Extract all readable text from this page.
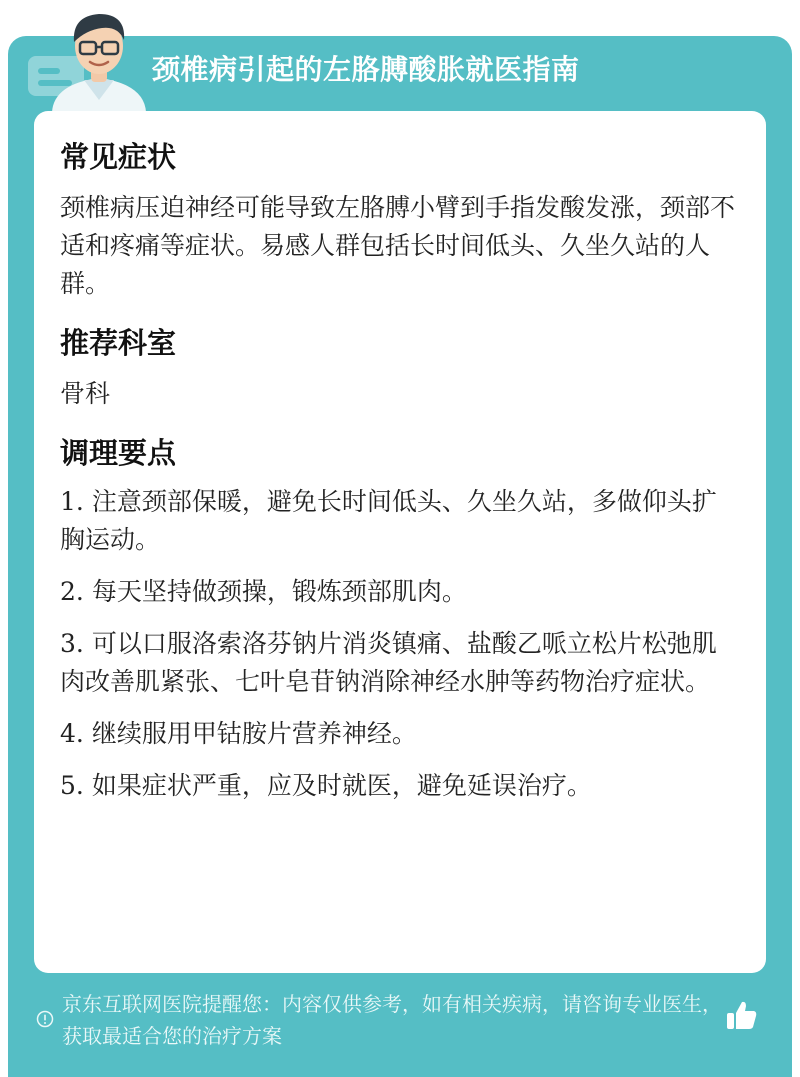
颈椎病引起的左胳膊酸胀就医指南
常见症状

颈椎病压迫神经可能导致左胳膊小臂到手指发酸发涨，颈部不适和疼痛等症状。易感人群包括长时间低头、久坐久站的人群。

推荐科室

骨科

调理要点
1. 注意颈部保暖，避免长时间低头、久坐久站，多做仰头扩胸运动。
2. 每天坚持做颈操，锻炼颈部肌肉。
3. 可以口服洛索洛芬钠片消炎镇痛、盐酸乙哌立松片松弛肌肉改善肌紧张、七叶皂苷钠消除神经水肿等药物治疗症状。
4. 继续服用甲钴胺片营养神经。
5. 如果症状严重，应及时就医，避免延误治疗。
京东互联网医院提醒您：内容仅供参考，如有相关疾病，请咨询专业医生，获取最适合您的治疗方案
